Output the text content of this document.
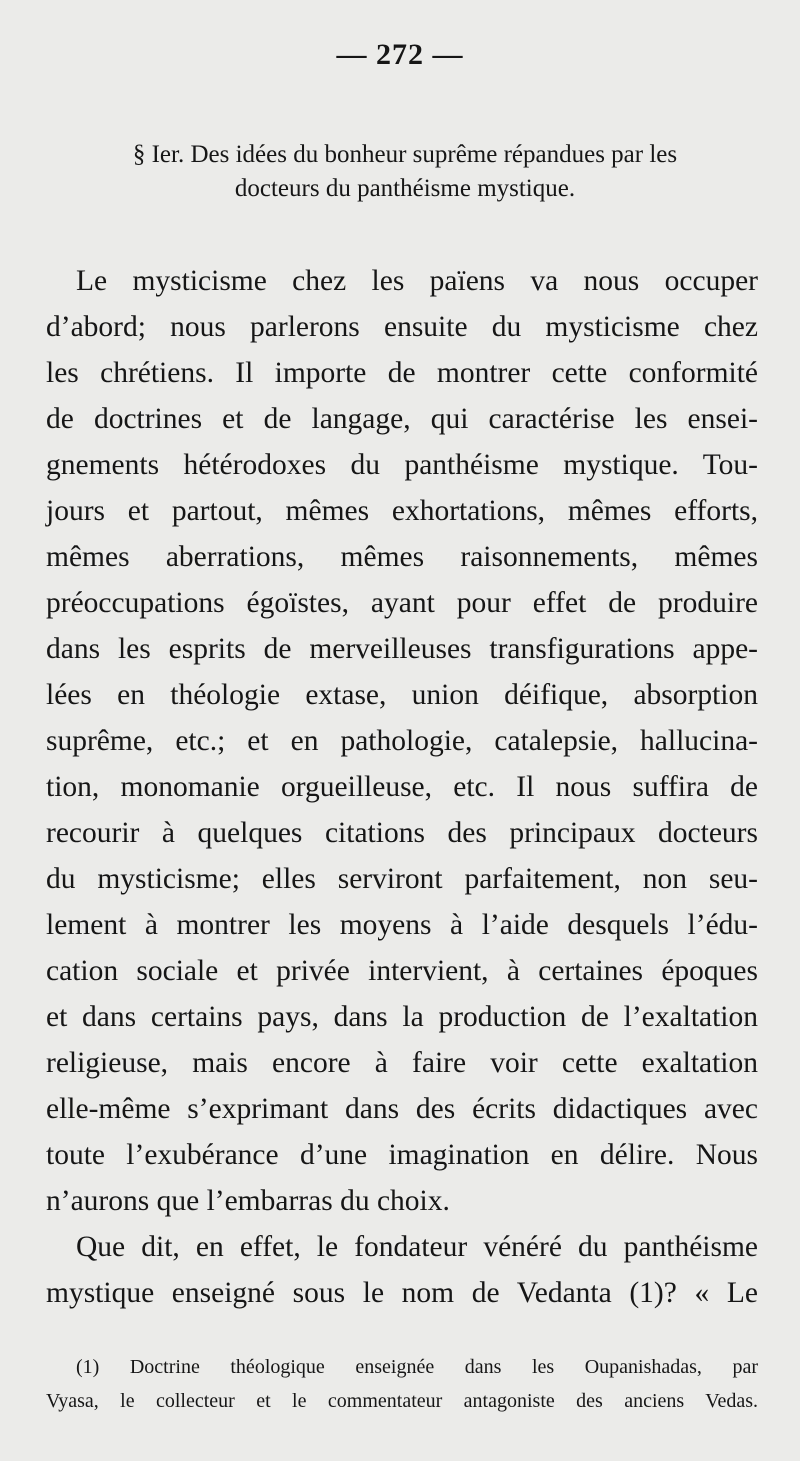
— 272 —
§ Ier. Des idées du bonheur suprême répandues par les
docteurs du panthéisme mystique.
Le mysticisme chez les païens va nous occuper
d’abord; nous parlerons ensuite du mysticisme chez
les chrétiens. Il importe de montrer cette conformité
de doctrines et de langage, qui caractérise les ensei-
gnements hétérodoxes du panthéisme mystique. Tou-
jours et partout, mêmes exhortations, mêmes efforts,
mêmes aberrations, mêmes raisonnements, mêmes
préoccupations égoïstes, ayant pour effet de produire
dans les esprits de merveilleuses transfigurations appe-
lées en théologie extase, union déifique, absorption
suprême, etc.; et en pathologie, catalepsie, hallucina-
tion, monomanie orgueilleuse, etc. Il nous suffira de
recourir à quelques citations des principaux docteurs
du mysticisme; elles serviront parfaitement, non seu-
lement à montrer les moyens à l’aide desquels l’édu-
cation sociale et privée intervient, à certaines époques
et dans certains pays, dans la production de l’exaltation
religieuse, mais encore à faire voir cette exaltation
elle-même s’exprimant dans des écrits didactiques avec
toute l’exubérance d’une imagination en délire. Nous
n’aurons que l’embarras du choix.
Que dit, en effet, le fondateur vénéré du panthéisme
mystique enseigné sous le nom de Vedanta (1)? « Le
(1) Doctrine théologique enseignée dans les Oupanishadas, par
Vyasa, le collecteur et le commentateur antagoniste des anciens Vedas.
